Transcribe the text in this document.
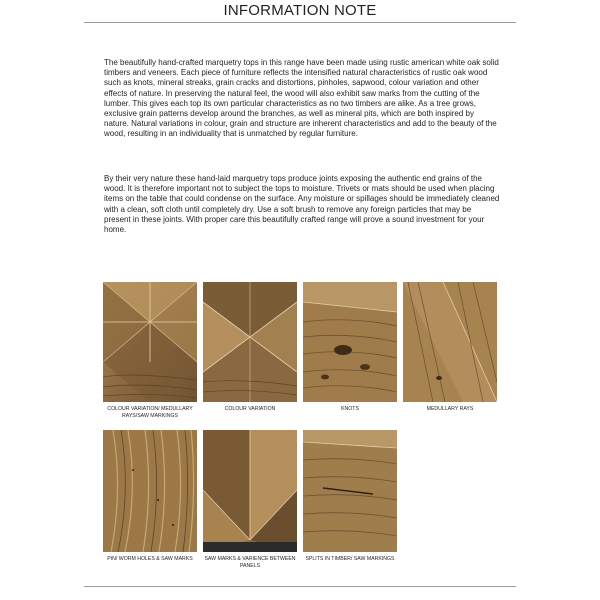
INFORMATION NOTE

The beautifully hand-crafted marquetry tops in this range have been made using rustic american white oak solid timbers and veneers. Each piece of furniture reflects the intensified natural characteristics of rustic oak wood such as knots, mineral streaks, grain cracks and distortions, pinholes, sapwood, colour variation and other effects of nature. In preserving the natural feel, the wood will also exhibit saw marks from the cutting of the lumber. This gives each top its own particular characteristics as no two timbers are alike. As a tree grows, exclusive grain patterns develop around the branches, as well as mineral pits, which are both inspired by nature. Natural variations in colour, grain and structure are inherent characteristics and add to the beauty of the wood, resulting in an individuality that is unmatched by regular furniture.

By their very nature these hand-laid marquetry tops produce joints exposing the authentic end grains of the wood. It is therefore important not to subject the tops to moisture. Trivets or mats should be used when placing items on the table that could condense on the surface. Any moisture or spillages should be immediately cleaned with a clean, soft cloth until completely dry. Use a soft brush to remove any foreign particles that may be present in these joints. With proper care this beautifully crafted range will prove a sound investment for your home.

COLOUR VARIATION/ MEDULLARY RAYS/SAW MARKINGS
COLOUR VARIATION	KNOTS	MEDULLARY RAYS
PIN/ WORM HOLES & SAW MARKS	SAW MARKS & VARIENCE BETWEEN PANELS
SPLITS IN TIMBER/ SAW MARKINGS
